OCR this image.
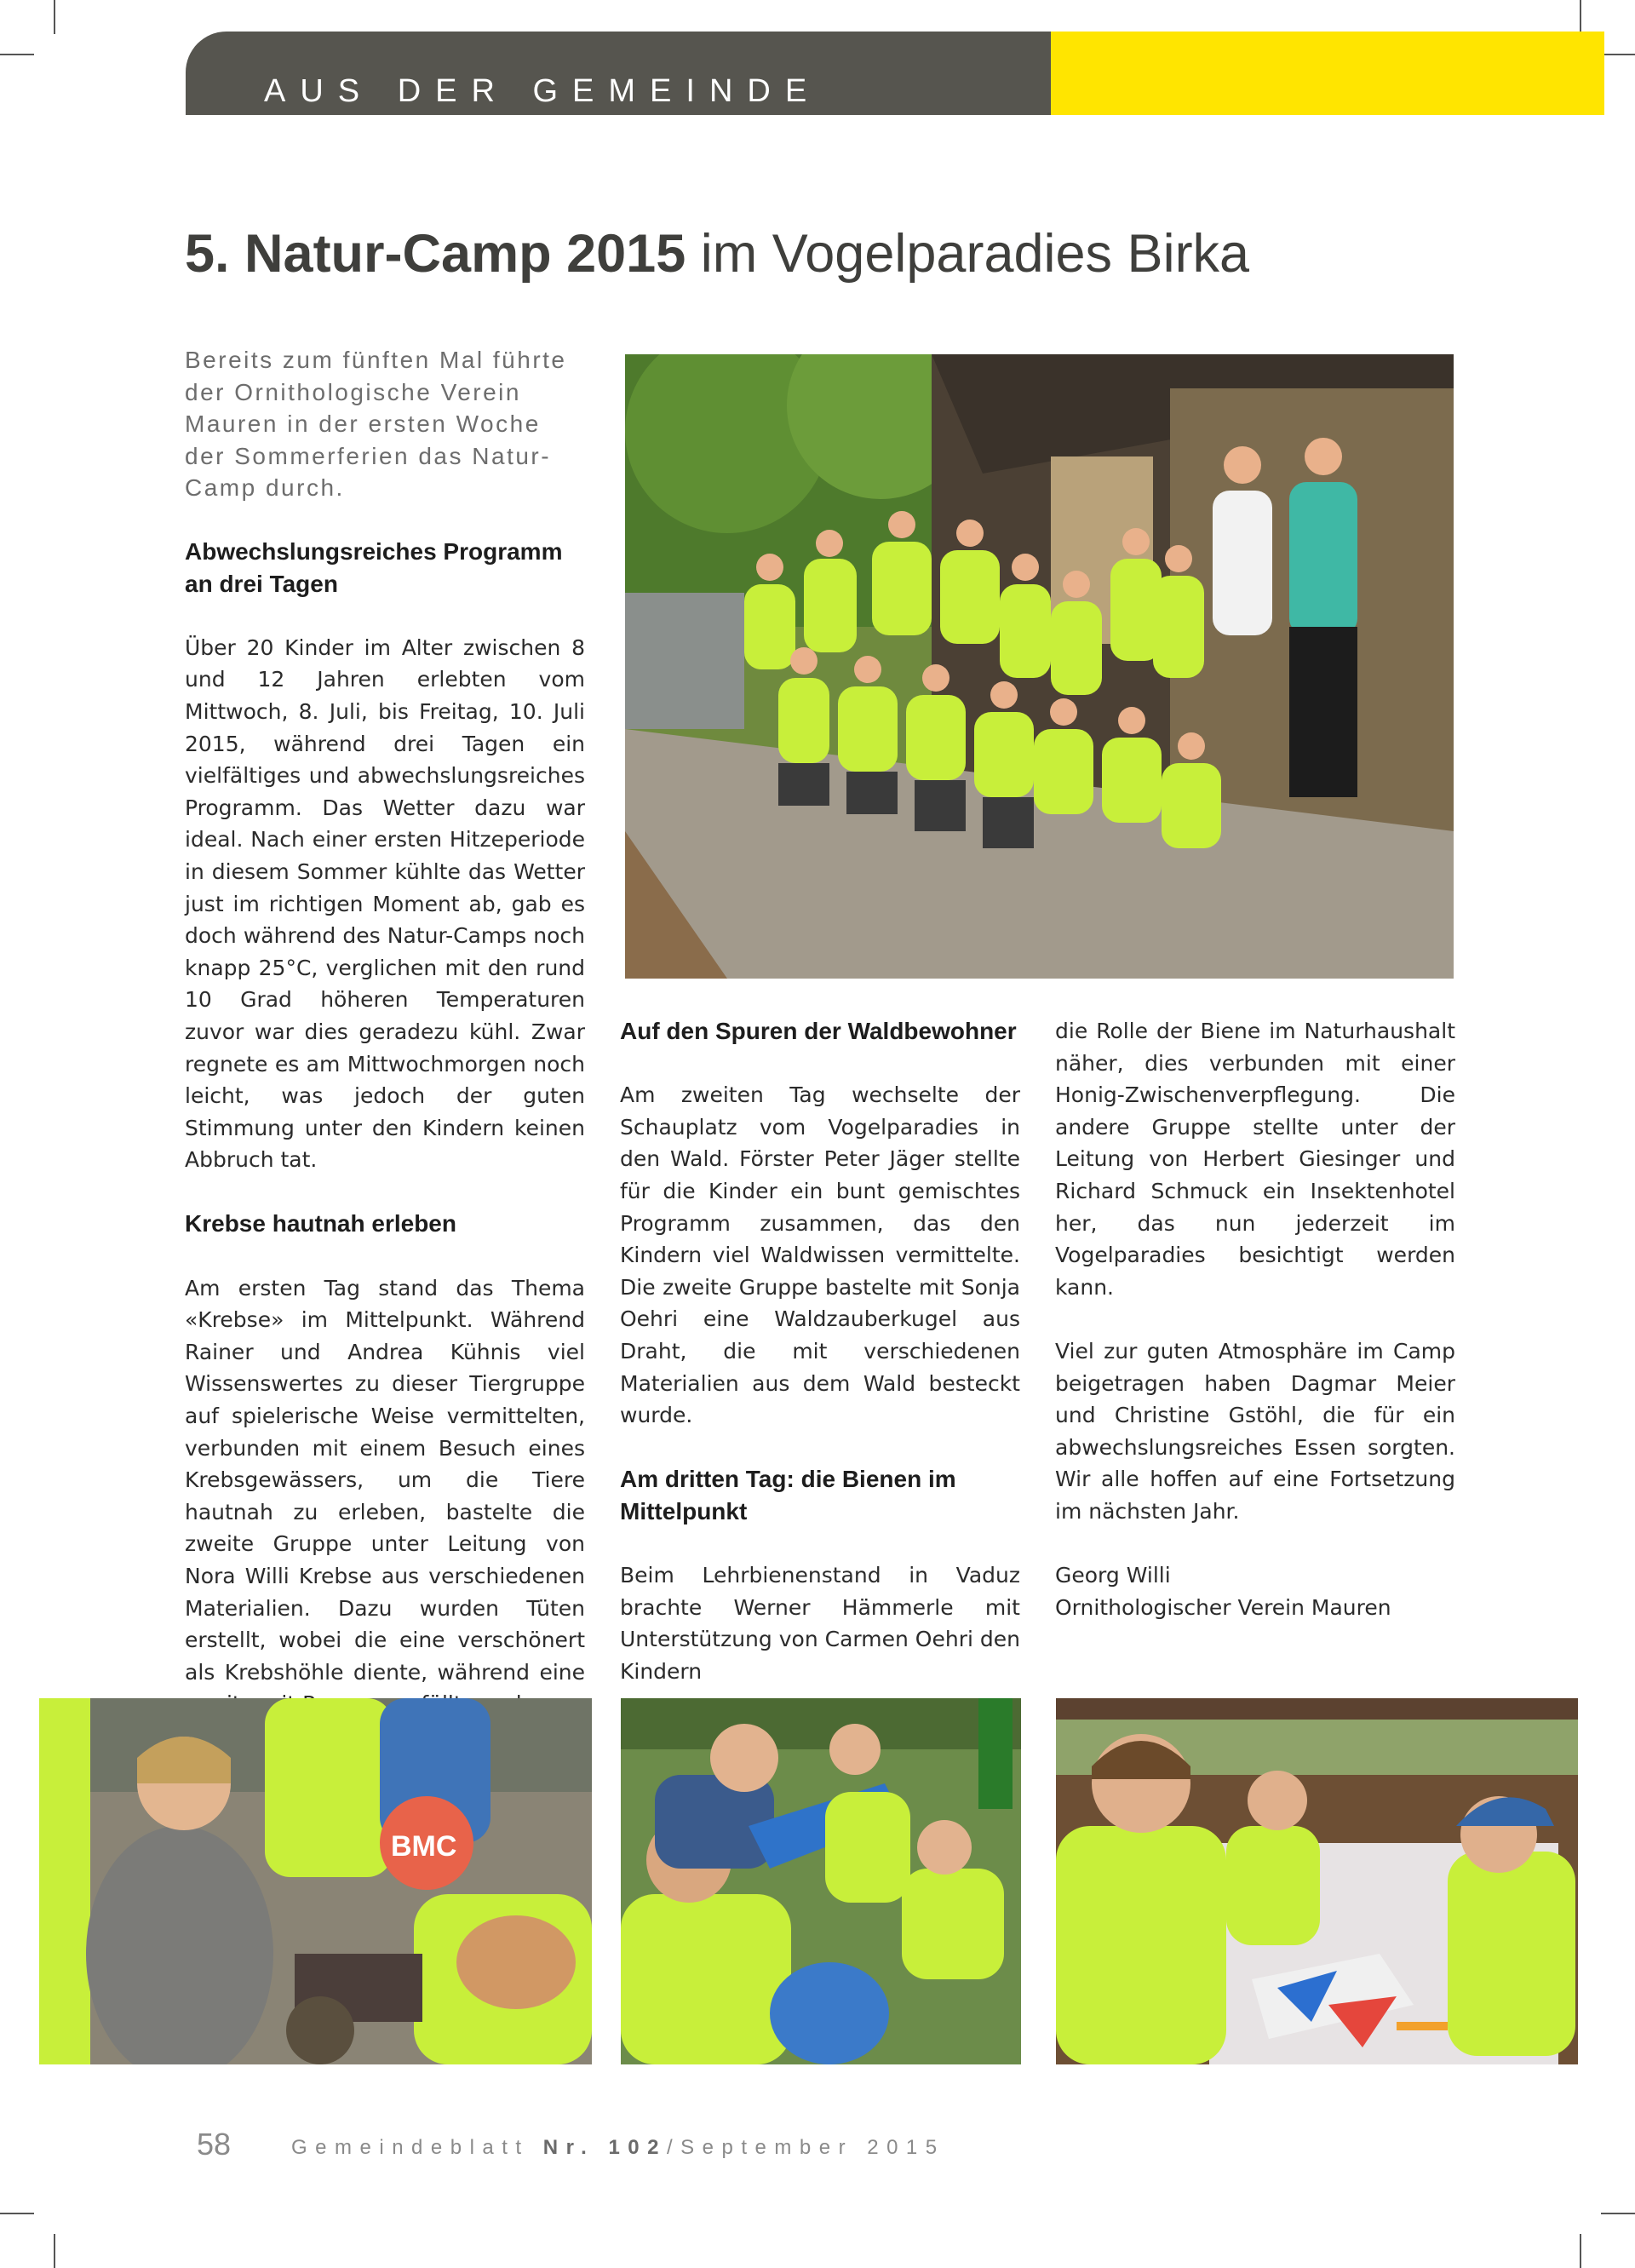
AUS DER GEMEINDE
5. Natur-Camp 2015 im Vogelparadies Birka
Bereits zum fünften Mal führte der Ornithologische Verein Mauren in der ersten Woche der Sommerferien das Natur-Camp durch.
Abwechslungsreiches Programm an drei Tagen

Über 20 Kinder im Alter zwischen 8 und 12 Jahren erlebten vom Mittwoch, 8. Juli, bis Freitag, 10. Juli 2015, während drei Tagen ein vielfältiges und abwechslungsreiches Programm. Das Wetter dazu war ideal. Nach einer ersten Hitzeperiode in diesem Sommer kühlte das Wetter just im richtigen Moment ab, gab es doch während des Natur-Camps noch knapp 25°C, verglichen mit den rund 10 Grad höheren Temperaturen zuvor war dies geradezu kühl. Zwar regnete es am Mittwochmorgen noch leicht, was jedoch der guten Stimmung unter den Kindern keinen Abbruch tat.

Krebse hautnah erleben

Am ersten Tag stand das Thema «Krebse» im Mittelpunkt. Während Rainer und Andrea Kühnis viel Wissenswertes zu dieser Tiergruppe auf spielerische Weise vermittelten, verbunden mit einem Besuch eines Krebsgewässers, um die Tiere hautnah zu erleben, bastelte die zweite Gruppe unter Leitung von Nora Willi Krebse aus verschiedenen Materialien. Dazu wurden Tüten erstellt, wobei die eine verschönert als Krebshöhle diente, während eine

Auf den Spuren der Waldbewohner

Am zweiten Tag wechselte der Schauplatz vom Vogelparadies in den Wald. Förster Peter Jäger stellte für die Kinder ein bunt gemischtes Programm zusammen, das den Kindern viel Waldwissen vermittelte. Die zweite Gruppe bastelte mit Sonja Oehri eine Waldzauberkugel aus Draht, die mit verschiedenen Materialien aus dem Wald besteckt wurde.

Am dritten Tag: die Bienen im Mittelpunkt

Beim Lehrbienenstand in Vaduz brachte Werner Hämmerle mit Unterstützung von Carmen Oehri den Kindern

die Rolle der Biene im Naturhaushalt näher, dies verbunden mit einer Honig-Zwischenverpflegung. Die andere Gruppe stellte unter der Leitung von Herbert Giesinger und Richard Schmuck ein Insektenhotel her, das nun jederzeit im Vogelparadies besichtigt werden kann.

Viel zur guten Atmosphäre im Camp beigetragen haben Dagmar Meier und Christine Gstöhl, die für ein abwechslungsreiches Essen sorgten. Wir alle hoffen auf eine Fortsetzung im nächsten Jahr.

Georg Willi

Ornithologischer Verein Mauren

BMC
58	Gemeindeblatt Nr. 102/September 2015
